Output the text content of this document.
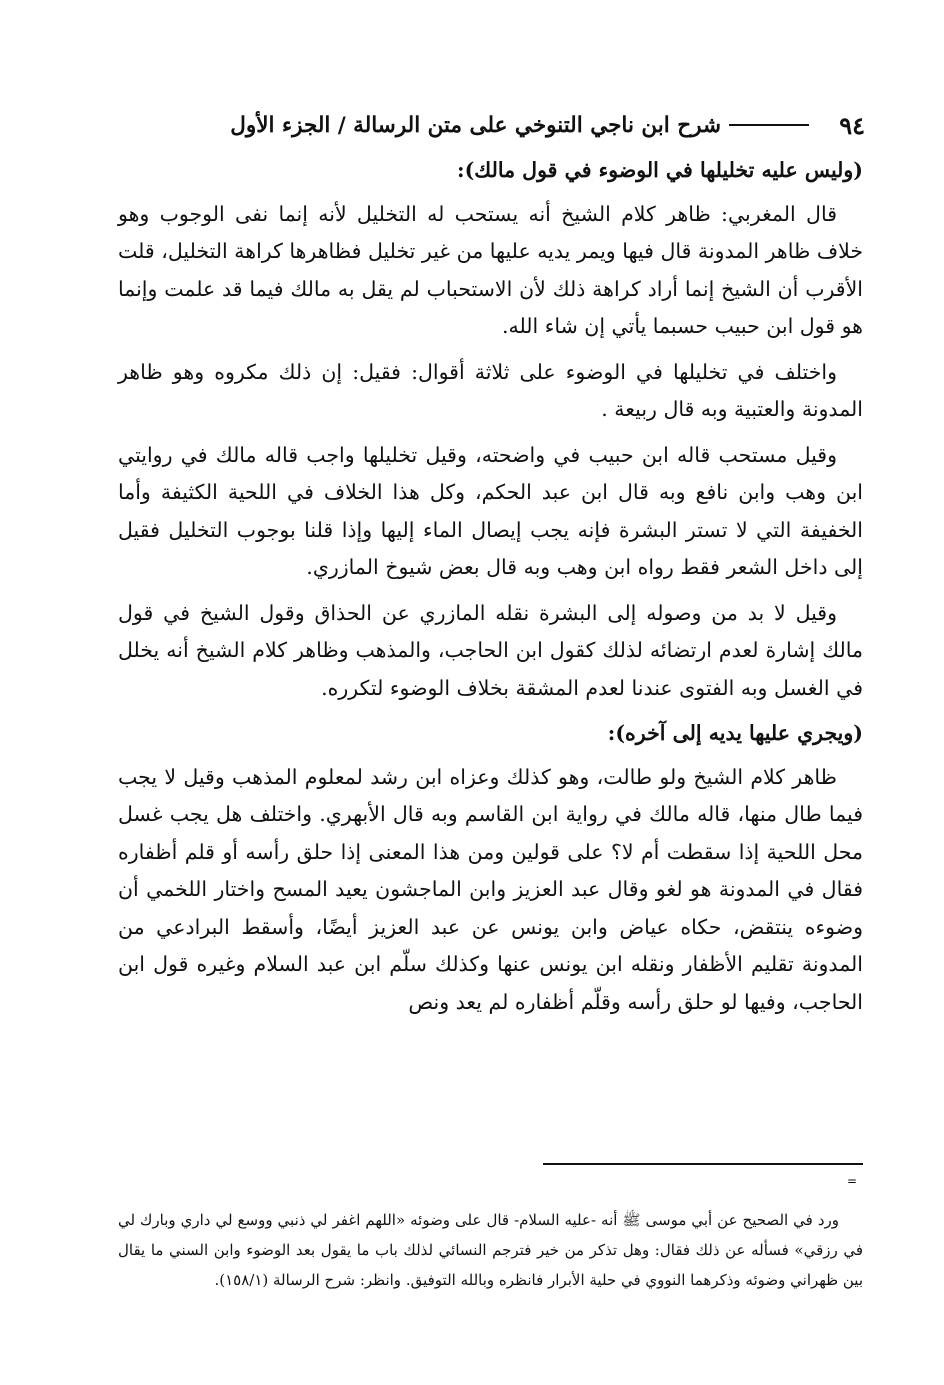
٩٤
شرح ابن ناجي التنوخي على متن الرسالة / الجزء الأول

(وليس عليه تخليلها في الوضوء في قول مالك):

قال المغربي: ظاهر كلام الشيخ أنه يستحب له التخليل لأنه إنما نفى الوجوب وهو خلاف ظاهر المدونة قال فيها ويمر يديه عليها من غير تخليل فظاهرها كراهة التخليل، قلت الأقرب أن الشيخ إنما أراد كراهة ذلك لأن الاستحباب لم يقل به مالك فيما قد علمت وإنما هو قول ابن حبيب حسبما يأتي إن شاء الله.

واختلف في تخليلها في الوضوء على ثلاثة أقوال: فقيل: إن ذلك مكروه وهو ظاهر المدونة والعتبية وبه قال ربيعة .

وقيل مستحب قاله ابن حبيب في واضحته، وقيل تخليلها واجب قاله مالك في روايتي ابن وهب وابن نافع وبه قال ابن عبد الحكم، وكل هذا الخلاف في اللحية الكثيفة وأما الخفيفة التي لا تستر البشرة فإنه يجب إيصال الماء إليها وإذا قلنا بوجوب التخليل فقيل إلى داخل الشعر فقط رواه ابن وهب وبه قال بعض شيوخ المازري.

وقيل لا بد من وصوله إلى البشرة نقله المازري عن الحذاق وقول الشيخ في قول مالك إشارة لعدم ارتضائه لذلك كقول ابن الحاجب، والمذهب وظاهر كلام الشيخ أنه يخلل في الغسل وبه الفتوى عندنا لعدم المشقة بخلاف الوضوء لتكرره.

(ويجري عليها يديه إلى آخره):

ظاهر كلام الشيخ ولو طالت، وهو كذلك وعزاه ابن رشد لمعلوم المذهب وقيل لا يجب فيما طال منها، قاله مالك في رواية ابن القاسم وبه قال الأبهري. واختلف هل يجب غسل محل اللحية إذا سقطت أم لا؟ على قولين ومن هذا المعنى إذا حلق رأسه أو قلم أظفاره فقال في المدونة هو لغو وقال عبد العزيز وابن الماجشون يعيد المسح واختار اللخمي أن وضوءه ينتقض، حكاه عياض وابن يونس عن عبد العزيز أيضًا، وأسقط البرادعي من المدونة تقليم الأظفار ونقله ابن يونس عنها وكذلك سلّم ابن عبد السلام وغيره قول ابن الحاجب، وفيها لو حلق رأسه وقلّم أظفاره لم يعد ونص

=

ورد في الصحيح عن أبي موسى ﷺ أنه -عليه السلام- قال على وضوئه «اللهم اغفر لي ذنبي ووسع لي داري وبارك لي في رزقي» فسأله عن ذلك فقال: وهل تذكر من خير فترجم النسائي لذلك باب ما يقول بعد الوضوء وابن السني ما يقال بين ظهراني وضوئه وذكرهما النووي في حلية الأبرار فانظره وبالله التوفيق. وانظر: شرح الرسالة (١٥٨/١).
